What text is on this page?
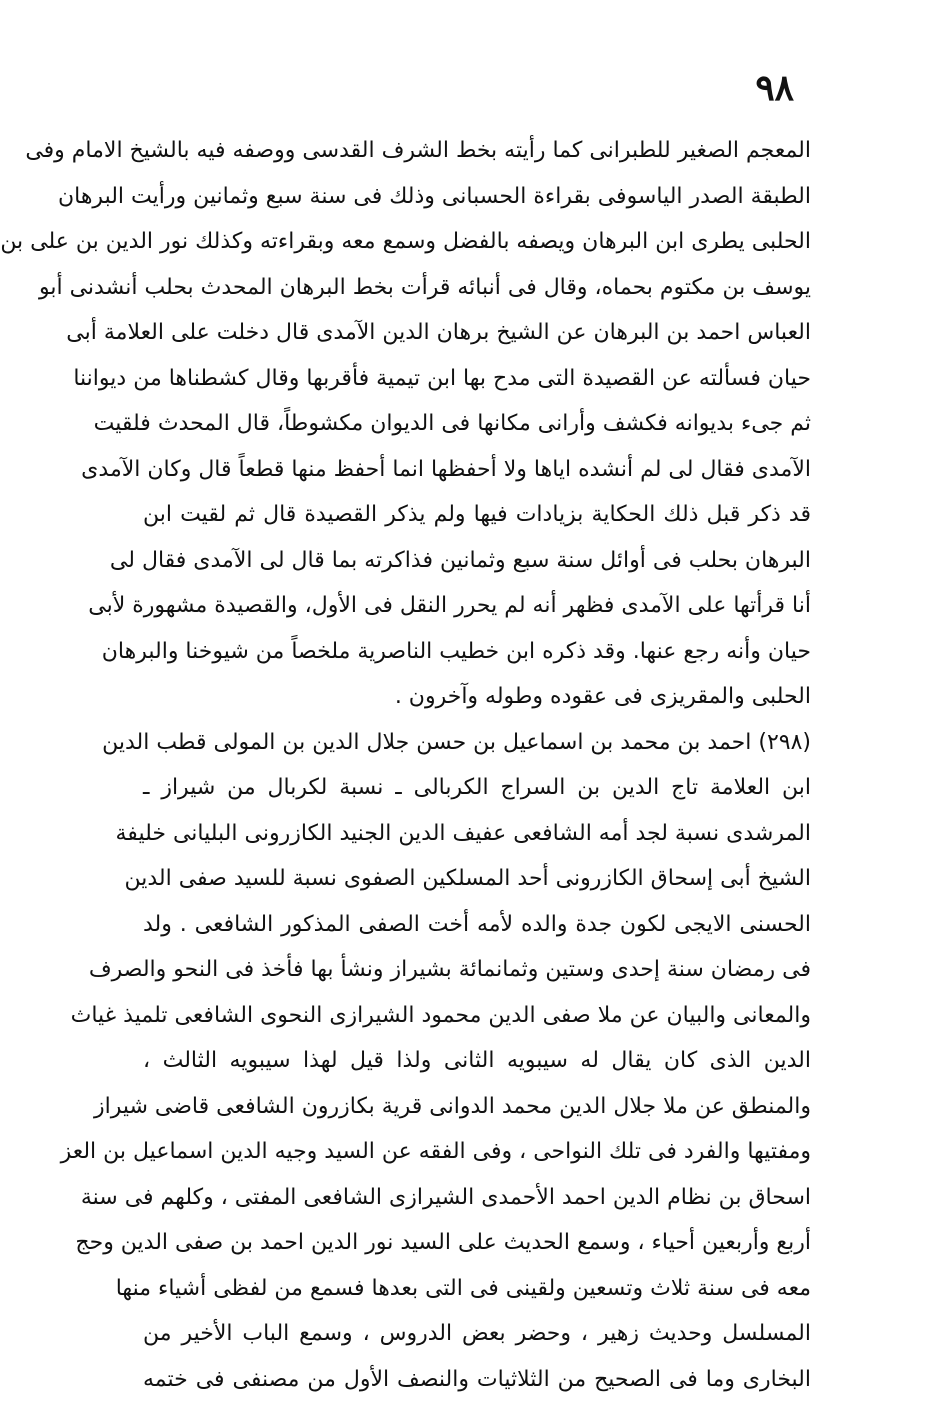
٩٨
المعجم الصغير للطبرانى كما رأيته بخط الشرف القدسى ووصفه فيه بالشيخ الامام وفى
الطبقة الصدر الياسوفى بقراءة الحسبانى وذلك فى سنة سبع وثمانين ورأيت البرهان
الحلبى يطرى ابن البرهان ويصفه بالفضل وسمع معه وبقراءته وكذلك نور الدين بن على بن
يوسف بن مكتوم بحماه، وقال فى أنبائه قرأت بخط البرهان المحدث بحلب أنشدنى أبو
العباس احمد بن البرهان عن الشيخ برهان الدين الآمدى قال دخلت على العلامة أبى
حيان فسألته عن القصيدة التى مدح بها ابن تيمية فأقربها وقال كشطناها من ديواننا
ثم جىء بديوانه فكشف وأرانى مكانها فى الديوان مكشوطاً، قال المحدث فلقيت
الآمدى فقال لى لم أنشده اياها ولا أحفظها انما أحفظ منها قطعاً قال وكان الآمدى
قد ذكر قبل ذلك الحكاية بزيادات فيها ولم يذكر القصيدة قال ثم لقيت ابن
البرهان بحلب فى أوائل سنة سبع وثمانين فذاكرته بما قال لى الآمدى فقال لى
أنا قرأتها على الآمدى فظهر أنه لم يحرر النقل فى الأول، والقصيدة مشهورة لأبى
حيان وأنه رجع عنها. وقد ذكره ابن خطيب الناصرية ملخصاً من شيوخنا والبرهان
الحلبى والمقريزى فى عقوده وطوله وآخرون .
(٢٩٨) احمد بن محمد بن اسماعيل بن حسن جلال الدين بن المولى قطب الدين
ابن العلامة تاج الدين بن السراج الكربالى ـ نسبة لكربال من شيراز ـ
المرشدى نسبة لجد أمه الشافعى عفيف الدين الجنيد الكازرونى البليانى خليفة
الشيخ أبى إسحاق الكازرونى أحد المسلكين الصفوى نسبة للسيد صفى الدين
الحسنى الايجى لكون جدة والده لأمه أخت الصفى المذكور الشافعى . ولد
فى رمضان سنة إحدى وستين وثمانمائة بشيراز ونشأ بها فأخذ فى النحو والصرف
والمعانى والبيان عن ملا صفى الدين محمود الشيرازى النحوى الشافعى تلميذ غياث
الدين الذى كان يقال له سيبويه الثانى ولذا قيل لهذا سيبويه الثالث ،
والمنطق عن ملا جلال الدين محمد الدوانى قرية بكازرون الشافعى قاضى شيراز
ومفتيها والفرد فى تلك النواحى ، وفى الفقه عن السيد وجيه الدين اسماعيل بن العز
اسحاق بن نظام الدين احمد الأحمدى الشيرازى الشافعى المفتى ، وكلهم فى سنة
أربع وأربعين أحياء ، وسمع الحديث على السيد نور الدين احمد بن صفى الدين وحج
معه فى سنة ثلاث وتسعين ولقينى فى التى بعدها فسمع من لفظى أشياء منها
المسلسل وحديث زهير ، وحضر بعض الدروس ، وسمع الباب الأخير من
البخارى وما فى الصحيح من الثلاثيات والنصف الأول من مصنفى فى ختمه
